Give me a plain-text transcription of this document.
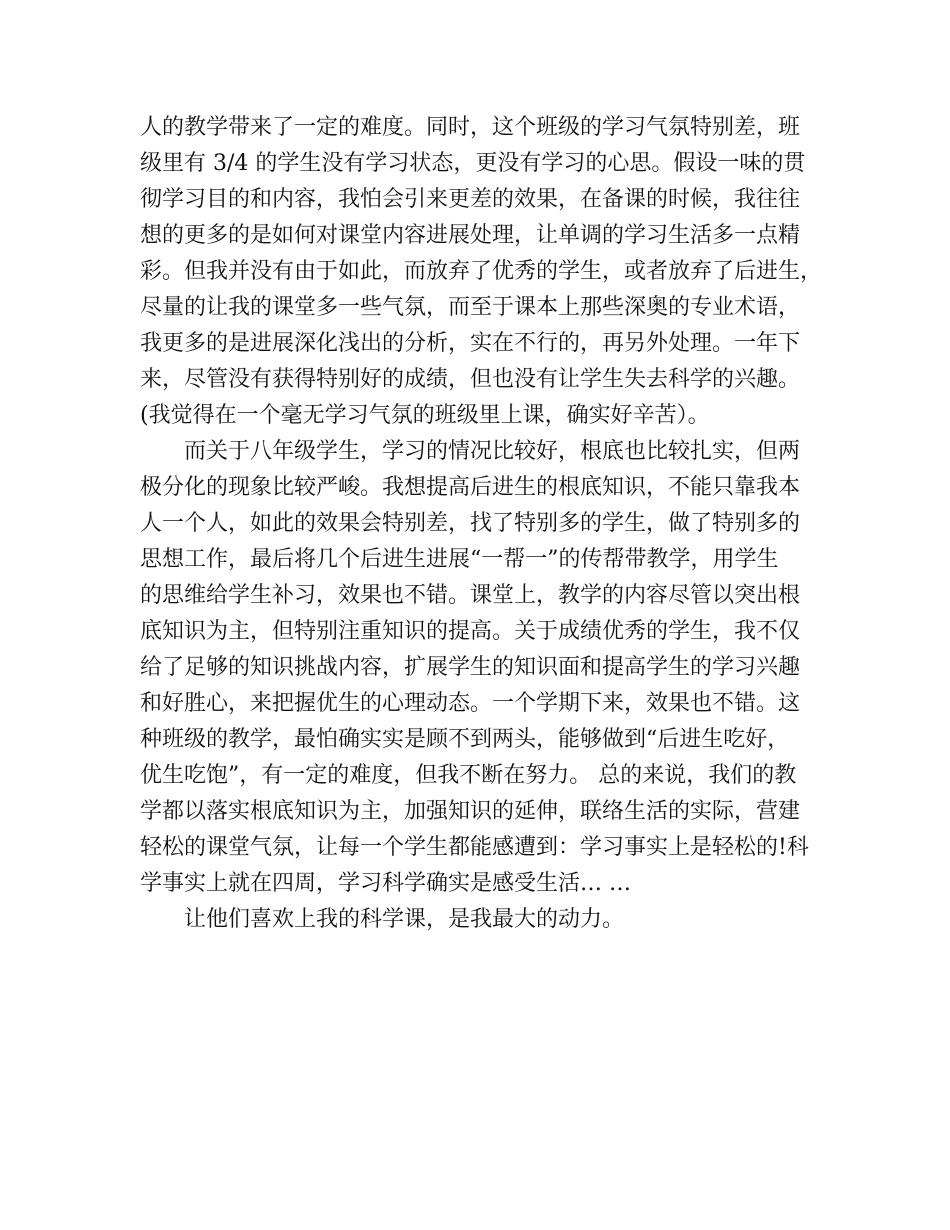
人的教学带来了一定的难度。同时，这个班级的学习气氛特别差，班
级里有 3/4 的学生没有学习状态，更没有学习的心思。假设一味的贯
彻学习目的和内容，我怕会引来更差的效果，在备课的时候，我往往
想的更多的是如何对课堂内容进展处理，让单调的学习生活多一点精
彩。但我并没有由于如此，而放弃了优秀的学生，或者放弃了后进生，
尽量的让我的课堂多一些气氛，而至于课本上那些深奥的专业术语，
我更多的是进展深化浅出的分析，实在不行的，再另外处理。一年下
来，尽管没有获得特别好的成绩，但也没有让学生失去科学的兴趣。
(我觉得在一个毫无学习气氛的班级里上课，确实好辛苦）。
而关于八年级学生，学习的情况比较好，根底也比较扎实，但两
极分化的现象比较严峻。我想提高后进生的根底知识，不能只靠我本
人一个人，如此的效果会特别差，找了特别多的学生，做了特别多的
思想工作，最后将几个后进生进展“一帮一”的传帮带教学，用学生
的思维给学生补习，效果也不错。课堂上，教学的内容尽管以突出根
底知识为主，但特别注重知识的提高。关于成绩优秀的学生，我不仅
给了足够的知识挑战内容，扩展学生的知识面和提高学生的学习兴趣
和好胜心，来把握优生的心理动态。一个学期下来，效果也不错。这
种班级的教学，最怕确实实是顾不到两头，能够做到“后进生吃好，
优生吃饱”，有一定的难度，但我不断在努力。 总的来说，我们的教
学都以落实根底知识为主，加强知识的延伸，联络生活的实际，营建
轻松的课堂气氛，让每一个学生都能感遭到：学习事实上是轻松的!科
学事实上就在四周，学习科学确实是感受生活… …
让他们喜欢上我的科学课，是我最大的动力。
